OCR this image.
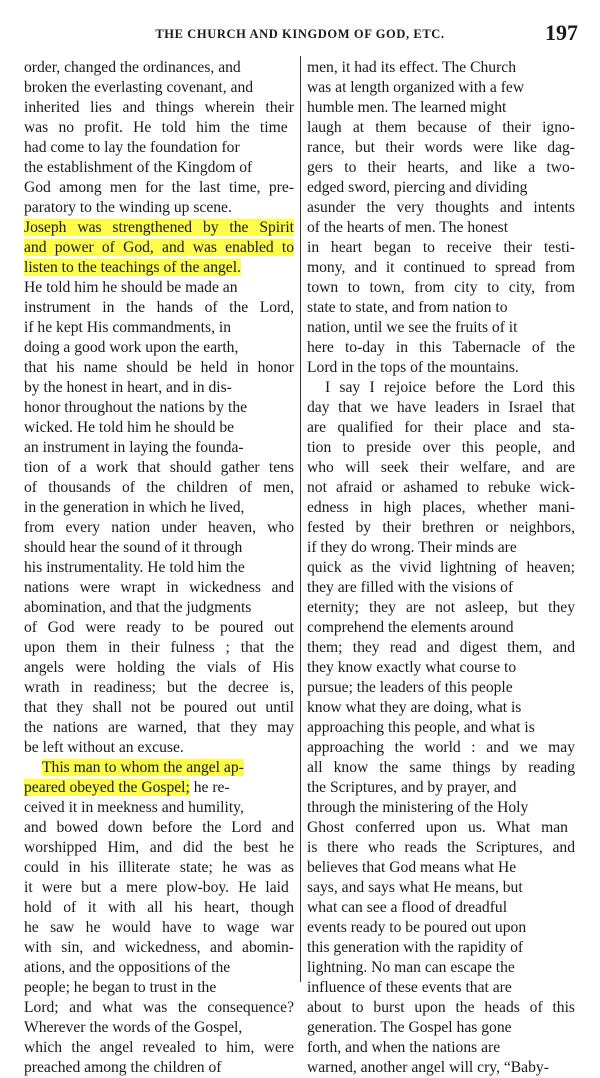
THE CHURCH AND KINGDOM OF GOD, ETC.	197
order, changed the ordinances, and
broken the everlasting covenant, and
inherited lies and things wherein their
was no profit. He told him the time
had come to lay the foundation for
the establishment of the Kingdom of
God among men for the last time, pre-
paratory to the winding up scene.
Joseph was strengthened by the Spirit
and power of God, and was enabled to
listen to the teachings of the angel.
He told him he should be made an
instrument in the hands of the Lord,
if he kept His commandments, in
doing a good work upon the earth,
that his name should be held in honor
by the honest in heart, and in dis-
honor throughout the nations by the
wicked. He told him he should be
an instrument in laying the founda-
tion of a work that should gather tens
of thousands of the children of men,
in the generation in which he lived,
from every nation under heaven, who
should hear the sound of it through
his instrumentality. He told him the
nations were wrapt in wickedness and
abomination, and that the judgments
of God were ready to be poured out
upon them in their fulness ; that the
angels were holding the vials of His
wrath in readiness; but the decree is,
that they shall not be poured out until
the nations are warned, that they may
be left without an excuse.
This man to whom the angel ap-
peared obeyed the Gospel; he re-
ceived it in meekness and humility,
and bowed down before the Lord and
worshipped Him, and did the best he
could in his illiterate state; he was as
it were but a mere plow-boy. He laid
hold of it with all his heart, though
he saw he would have to wage war
with sin, and wickedness, and abomin-
ations, and the oppositions of the
people; he began to trust in the
Lord; and what was the consequence?
Wherever the words of the Gospel,
which the angel revealed to him, were
preached among the children of
men, it had its effect. The Church
was at length organized with a few
humble men. The learned might
laugh at them because of their igno-
rance, but their words were like dag-
gers to their hearts, and like a two-
edged sword, piercing and dividing
asunder the very thoughts and intents
of the hearts of men. The honest
in heart began to receive their testi-
mony, and it continued to spread from
town to town, from city to city, from
state to state, and from nation to
nation, until we see the fruits of it
here to-day in this Tabernacle of the
Lord in the tops of the mountains.
I say I rejoice before the Lord this
day that we have leaders in Israel that
are qualified for their place and sta-
tion to preside over this people, and
who will seek their welfare, and are
not afraid or ashamed to rebuke wick-
edness in high places, whether mani-
fested by their brethren or neighbors,
if they do wrong. Their minds are
quick as the vivid lightning of heaven;
they are filled with the visions of
eternity; they are not asleep, but they
comprehend the elements around
them; they read and digest them, and
they know exactly what course to
pursue; the leaders of this people
know what they are doing, what is
approaching this people, and what is
approaching the world : and we may
all know the same things by reading
the Scriptures, and by prayer, and
through the ministering of the Holy
Ghost conferred upon us. What man
is there who reads the Scriptures, and
believes that God means what He
says, and says what He means, but
what can see a flood of dreadful
events ready to be poured out upon
this generation with the rapidity of
lightning. No man can escape the
influence of these events that are
about to burst upon the heads of this
generation. The Gospel has gone
forth, and when the nations are
warned, another angel will cry, “Baby-
